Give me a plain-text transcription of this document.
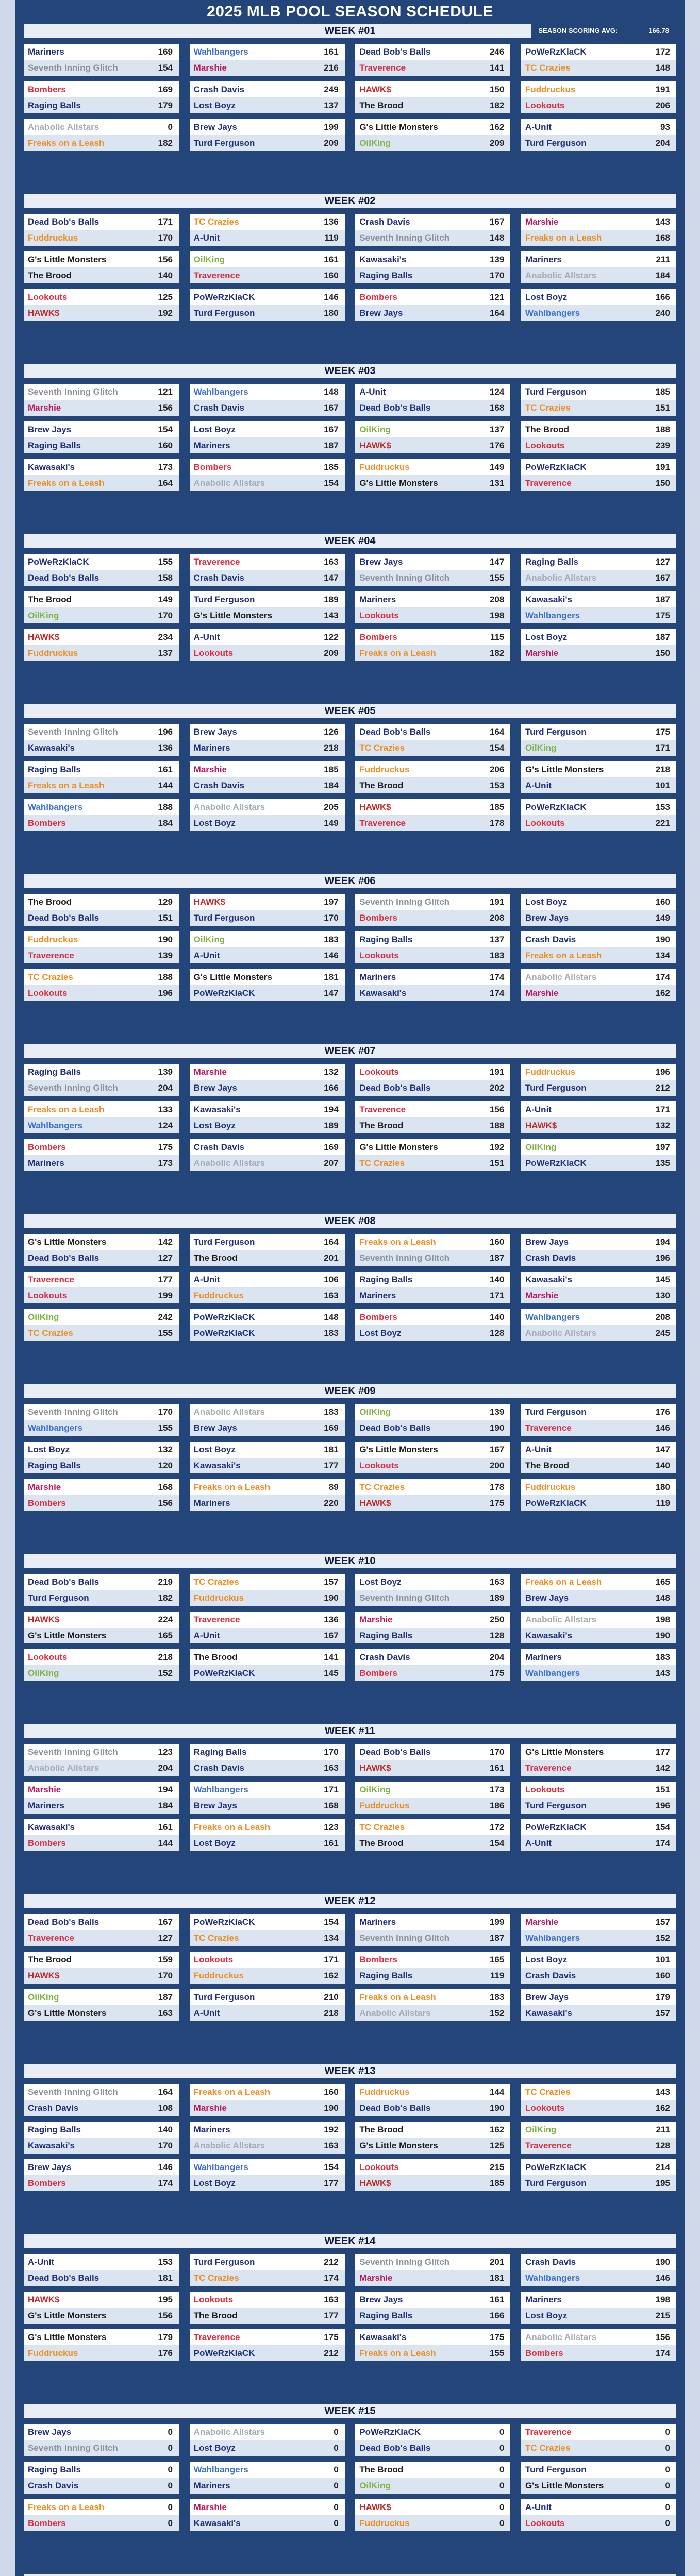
2025 MLB POOL SEASON SCHEDULE
WEEK #01	SEASON SCORING AVG:	166.78
Mariners	169
Seventh Inning Glitch	154
Wahlbangers	161
Marshie	216
Dead Bob's Balls	246
Traverence	141
PoWeRzKlaCK	172
TC Crazies	148
Bombers	169
Raging Balls	179
Crash Davis	249
Lost Boyz	137
HAWK$	150
The Brood	182
Fuddruckus	191
Lookouts	206
Anabolic Allstars	0
Freaks on a Leash	182
Brew Jays	199
Turd Ferguson	209
G's Little Monsters	162
OilKing	209
A-Unit	93
Turd Ferguson	204
WEEK #02
Dead Bob's Balls	171
Fuddruckus	170
TC Crazies	136
A-Unit	119
Crash Davis	167
Seventh Inning Glitch	148
Marshie	143
Freaks on a Leash	168
G's Little Monsters	156
The Brood	140
OilKing	161
Traverence	160
Kawasaki's	139
Raging Balls	170
Mariners	211
Anabolic Allstars	184
Lookouts	125
HAWK$	192
PoWeRzKlaCK	146
Turd Ferguson	180
Bombers	121
Brew Jays	164
Lost Boyz	166
Wahlbangers	240
WEEK #03
Seventh Inning Glitch	121
Marshie	156
Wahlbangers	148
Crash Davis	167
A-Unit	124
Dead Bob's Balls	168
Turd Ferguson	185
TC Crazies	151
Brew Jays	154
Raging Balls	160
Lost Boyz	167
Mariners	187
OilKing	137
HAWK$	176
The Brood	188
Lookouts	239
Kawasaki's	173
Freaks on a Leash	164
Bombers	185
Anabolic Allstars	154
Fuddruckus	149
G's Little Monsters	131
PoWeRzKlaCK	191
Traverence	150
WEEK #04
PoWeRzKlaCK	155
Dead Bob's Balls	158
Traverence	163
Crash Davis	147
Brew Jays	147
Seventh Inning Glitch	155
Raging Balls	127
Anabolic Allstars	167
The Brood	149
OilKing	170
Turd Ferguson	189
G's Little Monsters	143
Mariners	208
Lookouts	198
Kawasaki's	187
Wahlbangers	175
HAWK$	234
Fuddruckus	137
A-Unit	122
Lookouts	209
Bombers	115
Freaks on a Leash	182
Lost Boyz	187
Marshie	150
WEEK #05
Seventh Inning Glitch	196
Kawasaki's	136
Brew Jays	126
Mariners	218
Dead Bob's Balls	164
TC Crazies	154
Turd Ferguson	175
OilKing	171
Raging Balls	161
Freaks on a Leash	144
Marshie	185
Crash Davis	184
Fuddruckus	206
The Brood	153
G's Little Monsters	218
A-Unit	101
Wahlbangers	188
Bombers	184
Anabolic Allstars	205
Lost Boyz	149
HAWK$	185
Traverence	178
PoWeRzKlaCK	153
Lookouts	221
WEEK #06
The Brood	129
Dead Bob's Balls	151
HAWK$	197
Turd Ferguson	170
Seventh Inning Glitch	191
Bombers	208
Lost Boyz	160
Brew Jays	149
Fuddruckus	190
Traverence	139
OilKing	183
A-Unit	146
Raging Balls	137
Lookouts	183
Crash Davis	190
Freaks on a Leash	134
TC Crazies	188
Lookouts	196
G's Little Monsters	181
PoWeRzKlaCK	147
Mariners	174
Kawasaki's	174
Anabolic Allstars	174
Marshie	162
WEEK #07
Raging Balls	139
Seventh Inning Glitch	204
Marshie	132
Brew Jays	166
Lookouts	191
Dead Bob's Balls	202
Fuddruckus	196
Turd Ferguson	212
Freaks on a Leash	133
Wahlbangers	124
Kawasaki's	194
Lost Boyz	189
Traverence	156
The Brood	188
A-Unit	171
HAWK$	132
Bombers	175
Mariners	173
Crash Davis	169
Anabolic Allstars	207
G's Little Monsters	192
TC Crazies	151
OilKing	197
PoWeRzKlaCK	135
WEEK #08
G's Little Monsters	142
Dead Bob's Balls	127
Turd Ferguson	164
The Brood	201
Freaks on a Leash	160
Seventh Inning Glitch	187
Brew Jays	194
Crash Davis	196
Traverence	177
Lookouts	199
A-Unit	106
Fuddruckus	163
Raging Balls	140
Mariners	171
Kawasaki's	145
Marshie	130
OilKing	242
TC Crazies	155
PoWeRzKlaCK	148
PoWeRzKlaCK	183
Bombers	140
Lost Boyz	128
Wahlbangers	208
Anabolic Allstars	245
WEEK #09
Seventh Inning Glitch	170
Wahlbangers	155
Anabolic Allstars	183
Brew Jays	169
OilKing	139
Dead Bob's Balls	190
Turd Ferguson	176
Traverence	146
Lost Boyz	132
Raging Balls	120
Lost Boyz	181
Kawasaki's	177
G's Little Monsters	167
Lookouts	200
A-Unit	147
The Brood	140
Marshie	168
Bombers	156
Freaks on a Leash	89
Mariners	220
TC Crazies	178
HAWK$	175
Fuddruckus	180
PoWeRzKlaCK	119
WEEK #10
Dead Bob's Balls	219
Turd Ferguson	182
TC Crazies	157
Fuddruckus	190
Lost Boyz	163
Seventh Inning Glitch	189
Freaks on a Leash	165
Brew Jays	148
HAWK$	224
G's Little Monsters	165
Traverence	136
A-Unit	167
Marshie	250
Raging Balls	128
Anabolic Allstars	198
Kawasaki's	190
Lookouts	218
OilKing	152
The Brood	141
PoWeRzKlaCK	145
Crash Davis	204
Bombers	175
Mariners	183
Wahlbangers	143
WEEK #11
Seventh Inning Glitch	123
Anabolic Allstars	204
Raging Balls	170
Crash Davis	163
Dead Bob's Balls	170
HAWK$	161
G's Little Monsters	177
Traverence	142
Marshie	194
Mariners	184
Wahlbangers	171
Brew Jays	168
OilKing	173
Fuddruckus	186
Lookouts	151
Turd Ferguson	196
Kawasaki's	161
Bombers	144
Freaks on a Leash	123
Lost Boyz	161
TC Crazies	172
The Brood	154
PoWeRzKlaCK	154
A-Unit	174
WEEK #12
Dead Bob's Balls	167
Traverence	127
PoWeRzKlaCK	154
TC Crazies	134
Mariners	199
Seventh Inning Glitch	187
Marshie	157
Wahlbangers	152
The Brood	159
HAWK$	170
Lookouts	171
Fuddruckus	162
Bombers	165
Raging Balls	119
Lost Boyz	101
Crash Davis	160
OilKing	187
G's Little Monsters	163
Turd Ferguson	210
A-Unit	218
Freaks on a Leash	183
Anabolic Allstars	152
Brew Jays	179
Kawasaki's	157
WEEK #13
Seventh Inning Glitch	164
Crash Davis	108
Freaks on a Leash	160
Marshie	190
Fuddruckus	144
Dead Bob's Balls	190
TC Crazies	143
Lookouts	162
Raging Balls	140
Kawasaki's	170
Mariners	192
Anabolic Allstars	163
The Brood	162
G's Little Monsters	125
OilKing	211
Traverence	128
Brew Jays	146
Bombers	174
Wahlbangers	154
Lost Boyz	177
Lookouts	215
HAWK$	185
PoWeRzKlaCK	214
Turd Ferguson	195
WEEK #14
A-Unit	153
Dead Bob's Balls	181
Turd Ferguson	212
TC Crazies	174
Seventh Inning Glitch	201
Marshie	181
Crash Davis	190
Wahlbangers	146
HAWK$	195
G's Little Monsters	156
Lookouts	163
The Brood	177
Brew Jays	161
Raging Balls	166
Mariners	198
Lost Boyz	215
G's Little Monsters	179
Fuddruckus	176
Traverence	175
PoWeRzKlaCK	212
Kawasaki's	175
Freaks on a Leash	155
Anabolic Allstars	156
Bombers	174
WEEK #15
Brew Jays	0
Seventh Inning Glitch	0
Anabolic Allstars	0
Lost Boyz	0
PoWeRzKlaCK	0
Dead Bob's Balls	0
Traverence	0
TC Crazies	0
Raging Balls	0
Crash Davis	0
Wahlbangers	0
Mariners	0
The Brood	0
OilKing	0
Turd Ferguson	0
G's Little Monsters	0
Freaks on a Leash	0
Bombers	0
Marshie	0
Kawasaki's	0
HAWK$	0
Fuddruckus	0
A-Unit	0
Lookouts	0
